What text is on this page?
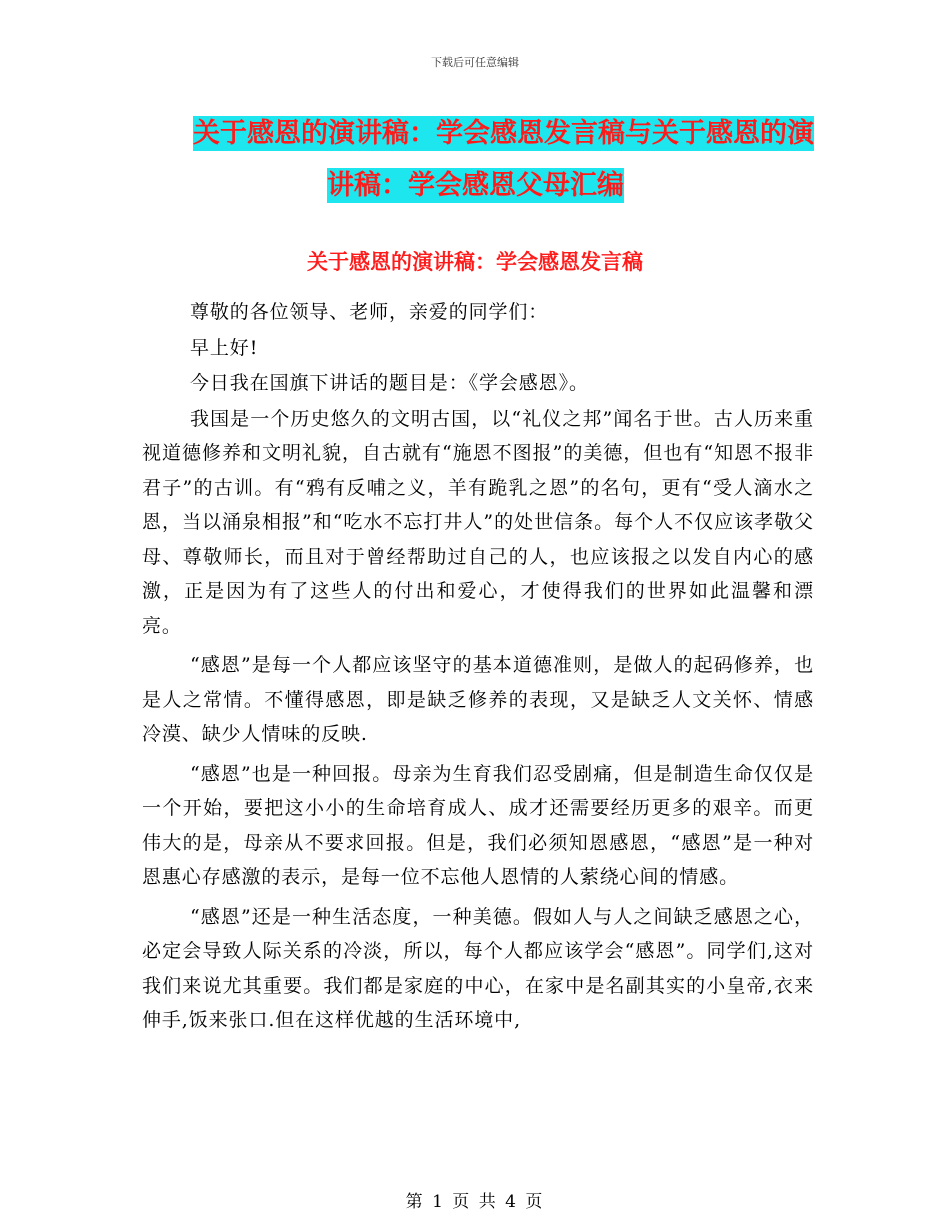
下载后可任意编辑
关于感恩的演讲稿：学会感恩发言稿与关于感恩的演
讲稿：学会感恩父母汇编
关于感恩的演讲稿：学会感恩发言稿

尊敬的各位领导、老师，亲爱的同学们：

早上好!

今日我在国旗下讲话的题目是：《学会感恩》。

我国是一个历史悠久的文明古国，以“礼仪之邦”闻名于世。古人历来重视道德修养和文明礼貌，自古就有“施恩不图报”的美德，但也有“知恩不报非君子”的古训。有“鸦有反哺之义，羊有跪乳之恩”的名句，更有“受人滴水之恩，当以涌泉相报”和“吃水不忘打井人”的处世信条。每个人不仅应该孝敬父母、尊敬师长，而且对于曾经帮助过自己的人，也应该报之以发自内心的感激，正是因为有了这些人的付出和爱心，才使得我们的世界如此温馨和漂亮。

“感恩”是每一个人都应该坚守的基本道德准则，是做人的起码修养，也是人之常情。不懂得感恩，即是缺乏修养的表现，又是缺乏人文关怀、情感冷漠、缺少人情味的反映.

“感恩”也是一种回报。母亲为生育我们忍受剧痛，但是制造生命仅仅是一个开始，要把这小小的生命培育成人、成才还需要经历更多的艰辛。而更伟大的是，母亲从不要求回报。但是，我们必须知恩感恩，“感恩”是一种对恩惠心存感激的表示，是每一位不忘他人恩情的人萦绕心间的情感。

“感恩”还是一种生活态度，一种美德。假如人与人之间缺乏感恩之心，必定会导致人际关系的冷淡，所以，每个人都应该学会“感恩”。同学们,这对我们来说尤其重要。我们都是家庭的中心，在家中是名副其实的小皇帝,衣来伸手,饭来张口.但在这样优越的生活环境中,

第 1 页 共 4 页
